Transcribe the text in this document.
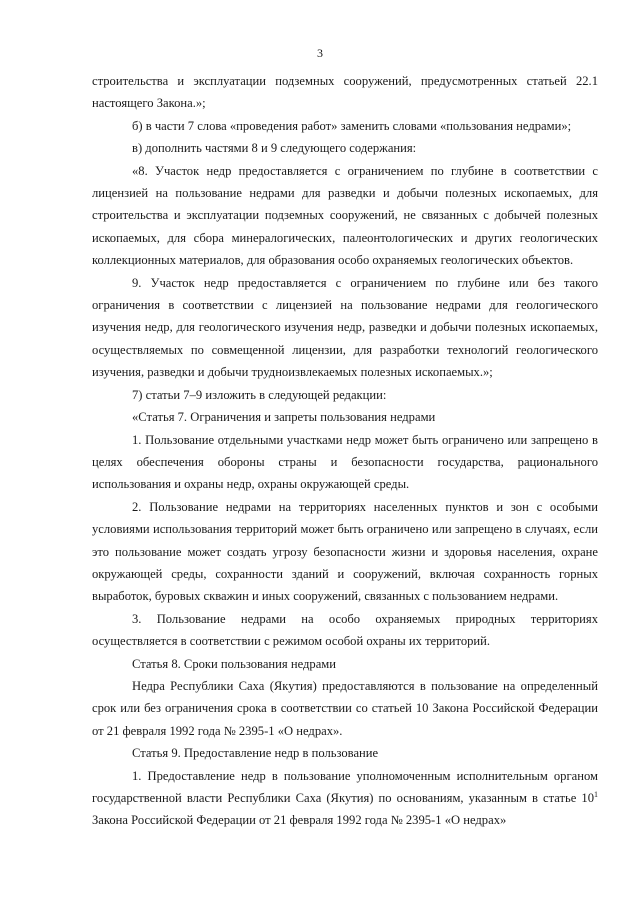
3

строительства и эксплуатации подземных сооружений, предусмотренных статьей 22.1 настоящего Закона.»;

б) в части 7 слова «проведения работ» заменить словами «пользования недрами»;

в) дополнить частями 8 и 9 следующего содержания:

«8. Участок недр предоставляется с ограничением по глубине в соответствии с лицензией на пользование недрами для разведки и добычи полезных ископаемых, для строительства и эксплуатации подземных сооружений, не связанных с добычей полезных ископаемых, для сбора минералогических, палеонтологических и других геологических коллекционных материалов, для образования особо охраняемых геологических объектов.

9. Участок недр предоставляется с ограничением по глубине или без такого ограничения в соответствии с лицензией на пользование недрами для геологического изучения недр, для геологического изучения недр, разведки и добычи полезных ископаемых, осуществляемых по совмещенной лицензии, для разработки технологий геологического изучения, разведки и добычи трудноизвлекаемых полезных ископаемых.»;

7) статьи 7–9 изложить в следующей редакции:

«Статья 7. Ограничения и запреты пользования недрами

1. Пользование отдельными участками недр может быть ограничено или запрещено в целях обеспечения обороны страны и безопасности государства, рационального использования и охраны недр, охраны окружающей среды.

2. Пользование недрами на территориях населенных пунктов и зон с особыми условиями использования территорий может быть ограничено или запрещено в случаях, если это пользование может создать угрозу безопасности жизни и здоровья населения, охране окружающей среды, сохранности зданий и сооружений, включая сохранность горных выработок, буровых скважин и иных сооружений, связанных с пользованием недрами.

3. Пользование недрами на особо охраняемых природных территориях осуществляется в соответствии с режимом особой охраны их территорий.

Статья 8. Сроки пользования недрами

Недра Республики Саха (Якутия) предоставляются в пользование на определенный срок или без ограничения срока в соответствии со статьей 10 Закона Российской Федерации от 21 февраля 1992 года № 2395-1 «О недрах».

Статья 9. Предоставление недр в пользование

1. Предоставление недр в пользование уполномоченным исполнительным органом государственной власти Республики Саха (Якутия) по основаниям, указанным в статье $10^1$ Закона Российской Федерации от 21 февраля 1992 года № 2395-1 «О недрах»
